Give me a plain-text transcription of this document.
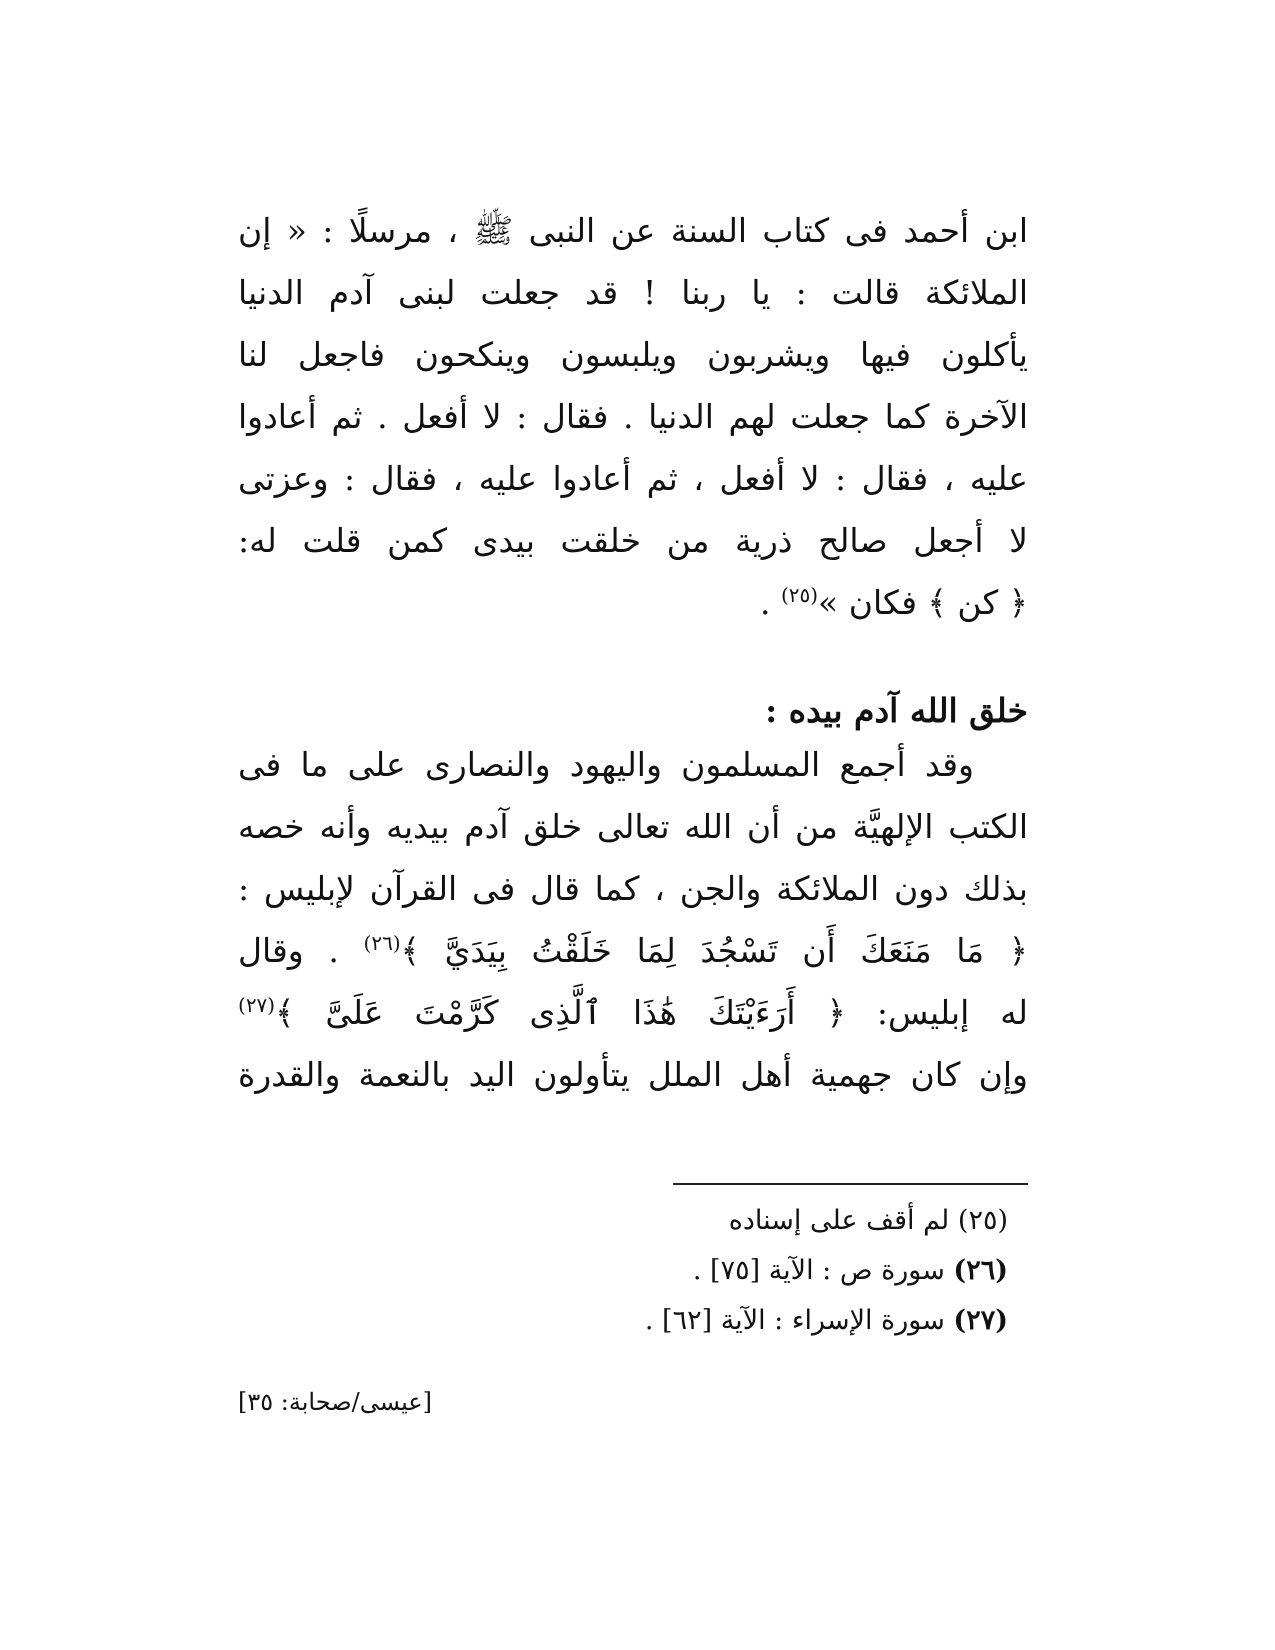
ابن أحمد فى كتاب السنة عن النبى ﷺ ، مرسلًا : « إن
الملائكة قالت : يا ربنا ! قد جعلت لبنى آدم الدنيا
يأكلون فيها ويشربون ويلبسون وينكحون فاجعل لنا
الآخرة كما جعلت لهم الدنيا . فقال : لا أفعل . ثم أعادوا
عليه ، فقال : لا أفعل ، ثم أعادوا عليه ، فقال : وعزتى
لا أجعل صالح ذرية من خلقت بيدى كمن قلت له:
﴿ كن ﴾ فكان »$^{(٢٥)}$ .
خلق الله آدم بيده :
وقد أجمع المسلمون واليهود والنصارى على ما فى
الكتب الإلهيَّة من أن الله تعالى خلق آدم بيديه وأنه خصه
بذلك دون الملائكة والجن ، كما قال فى القرآن لإبليس :
﴿ مَا مَنَعَكَ أَن تَسْجُدَ لِمَا خَلَقْتُ بِيَدَيَّ ﴾$^{(٢٦)}$ . وقال
له إبليس: ﴿ أَرَءَيْتَكَ هَٰذَا ٱلَّذِى كَرَّمْتَ عَلَىَّ ﴾$^{(٢٧)}$
وإن كان جهمية أهل الملل يتأولون اليد بالنعمة والقدرة
(٢٥) لم أقف على إسناده
(٢٦) سورة ص : الآية [٧٥] .
(٢٧) سورة الإسراء : الآية [٦٢] .
[عيسى/صحابة: ٣٥]
